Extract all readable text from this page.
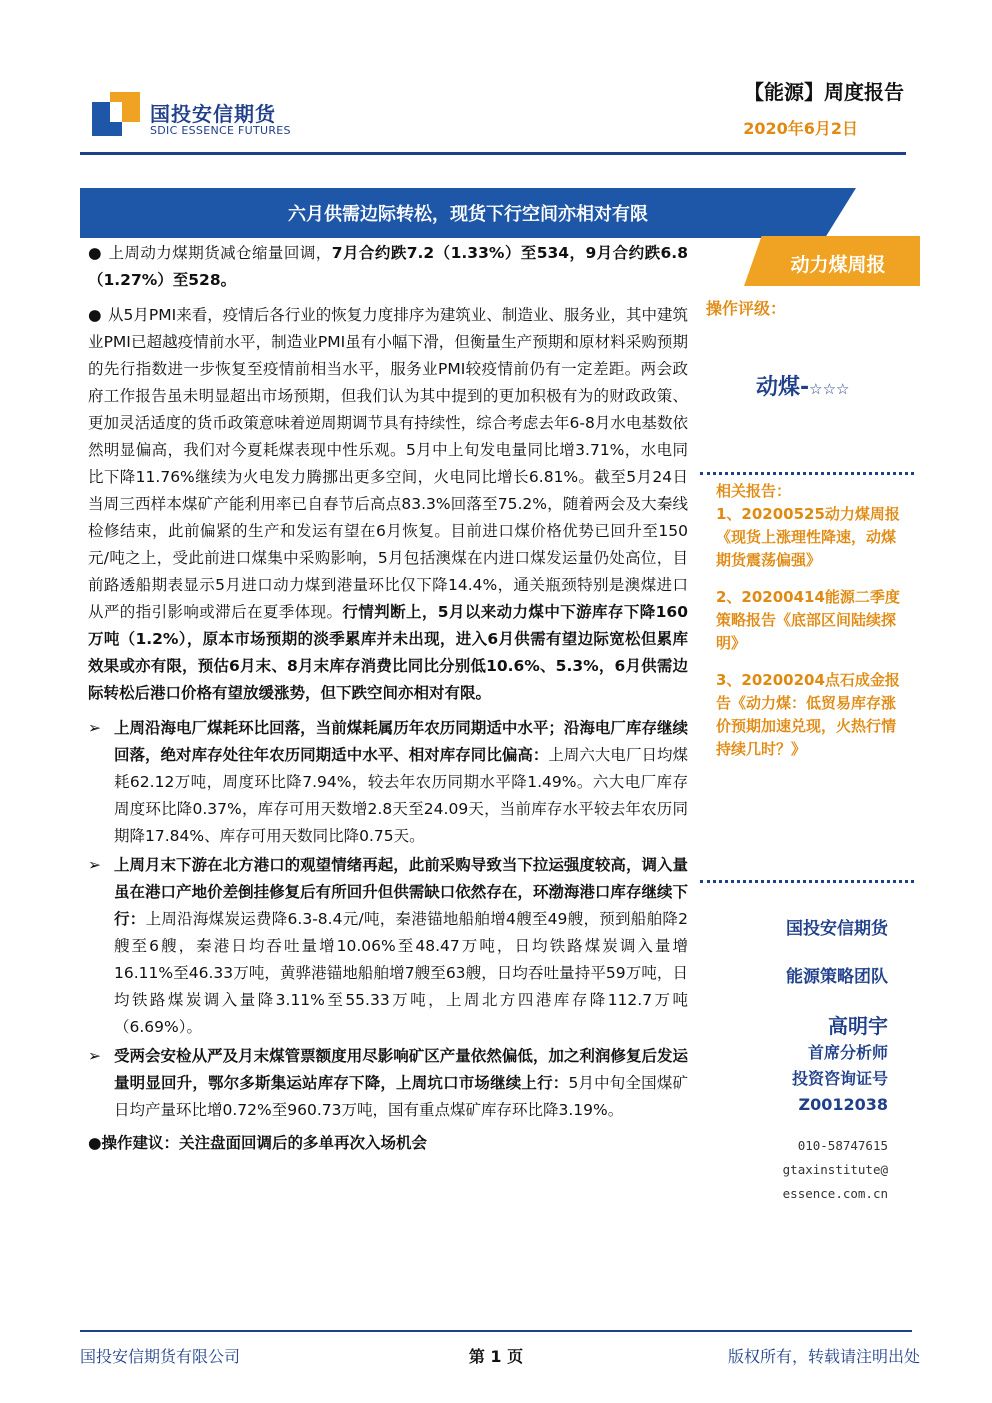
国投安信期货
SDIC ESSENCE FUTURES
【能源】周度报告
2020年6月2日
六月供需边际转松，现货下行空间亦相对有限
动力煤周报

● 上周动力煤期货减仓缩量回调，7月合约跌7.2（1.33%）至534，9月合约跌6.8（1.27%）至528。

● 从5月PMI来看，疫情后各行业的恢复力度排序为建筑业、制造业、服务业，其中建筑业PMI已超越疫情前水平，制造业PMI虽有小幅下滑，但衡量生产预期和原材料采购预期的先行指数进一步恢复至疫情前相当水平，服务业PMI较疫情前仍有一定差距。两会政府工作报告虽未明显超出市场预期，但我们认为其中提到的更加积极有为的财政政策、更加灵活适度的货币政策意味着逆周期调节具有持续性，综合考虑去年6-8月水电基数依然明显偏高，我们对今夏耗煤表现中性乐观。5月中上旬发电量同比增3.71%，水电同比下降11.76%继续为火电发力腾挪出更多空间，火电同比增长6.81%。截至5月24日当周三西样本煤矿产能利用率已自春节后高点83.3%回落至75.2%，随着两会及大秦线检修结束，此前偏紧的生产和发运有望在6月恢复。目前进口煤价格优势已回升至150元/吨之上，受此前进口煤集中采购影响，5月包括澳煤在内进口煤发运量仍处高位，目前路透船期表显示5月进口动力煤到港量环比仅下降14.4%，通关瓶颈特别是澳煤进口从严的指引影响或滞后在夏季体现。行情判断上，5月以来动力煤中下游库存下降160万吨（1.2%），原本市场预期的淡季累库并未出现，进入6月供需有望边际宽松但累库效果或亦有限，预估6月末、8月末库存消费比同比分别低10.6%、5.3%，6月供需边际转松后港口价格有望放缓涨势，但下跌空间亦相对有限。

➢ 上周沿海电厂煤耗环比回落，当前煤耗属历年农历同期适中水平；沿海电厂库存继续回落，绝对库存处往年农历同期适中水平、相对库存同比偏高：上周六大电厂日均煤耗62.12万吨，周度环比降7.94%，较去年农历同期水平降1.49%。六大电厂库存周度环比降0.37%，库存可用天数增2.8天至24.09天，当前库存水平较去年农历同期降17.84%、库存可用天数同比降0.75天。
➢ 上周月末下游在北方港口的观望情绪再起，此前采购导致当下拉运强度较高，调入量虽在港口产地价差倒挂修复后有所回升但供需缺口依然存在，环渤海港口库存继续下行：上周沿海煤炭运费降6.3-8.4元/吨，秦港锚地船舶增4艘至49艘，预到船舶降2艘至6艘，秦港日均吞吐量增10.06%至48.47万吨，日均铁路煤炭调入量增16.11%至46.33万吨，黄骅港锚地船舶增7艘至63艘，日均吞吐量持平59万吨，日均铁路煤炭调入量降3.11%至55.33万吨，上周北方四港库存降112.7万吨（6.69%）。
➢ 受两会安检从严及月末煤管票额度用尽影响矿区产量依然偏低，加之利润修复后发运量明显回升，鄂尔多斯集运站库存下降，上周坑口市场继续上行：5月中旬全国煤矿日均产量环比增0.72%至960.73万吨，国有重点煤矿库存环比降3.19%。
●操作建议：关注盘面回调后的多单再次入场机会
操作评级：
动煤-☆☆☆
相关报告：
1、20200525动力煤周报《现货上涨理性降速，动煤期货震荡偏强》
2、20200414能源二季度策略报告《底部区间陆续探明》
3、20200204点石成金报告《动力煤：低贸易库存涨价预期加速兑现，火热行情持续几时？》
国投安信期货
能源策略团队
高明宇
首席分析师
投资咨询证号
Z0012038
010-58747615
gtaxinstitute@
essence.com.cn
国投安信期货有限公司	第 1 页	版权所有，转载请注明出处
